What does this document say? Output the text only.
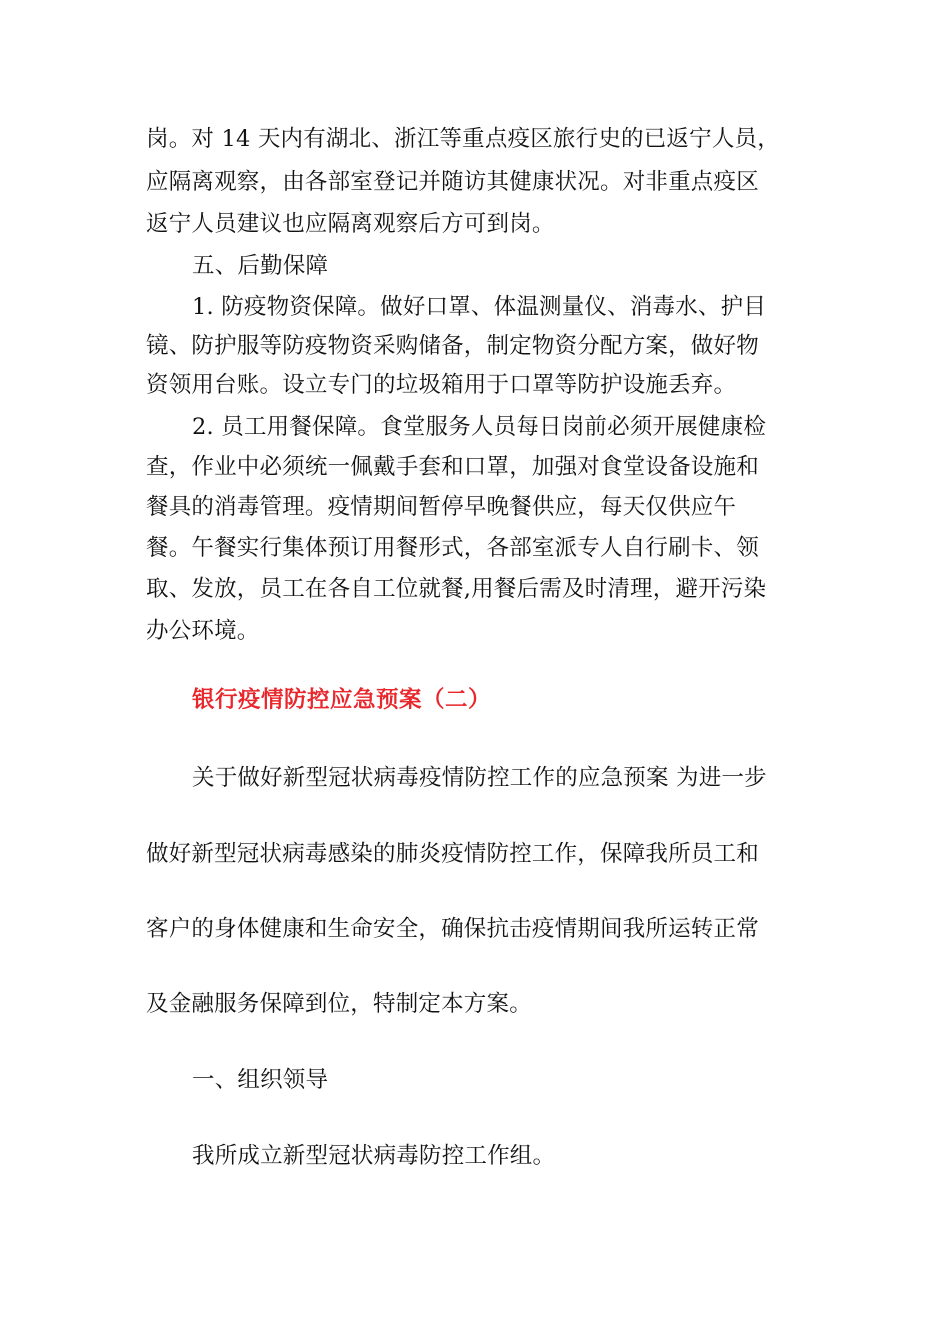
岗。对 14 天内有湖北、浙江等重点疫区旅行史的已返宁人员，
应隔离观察，由各部室登记并随访其健康状况。对非重点疫区
返宁人员建议也应隔离观察后方可到岗。
五、后勤保障
1. 防疫物资保障。做好口罩、体温测量仪、消毒水、护目
镜、防护服等防疫物资采购储备，制定物资分配方案，做好物
资领用台账。设立专门的垃圾箱用于口罩等防护设施丢弃。
2. 员工用餐保障。食堂服务人员每日岗前必须开展健康检
查，作业中必须统一佩戴手套和口罩，加强对食堂设备设施和
餐具的消毒管理。疫情期间暂停早晚餐供应，每天仅供应午
餐。午餐实行集体预订用餐形式，各部室派专人自行刷卡、领
取、发放，员工在各自工位就餐,用餐后需及时清理，避开污染
办公环境。
银行疫情防控应急预案（二）
关于做好新型冠状病毒疫情防控工作的应急预案 为进一步
做好新型冠状病毒感染的肺炎疫情防控工作，保障我所员工和
客户的身体健康和生命安全，确保抗击疫情期间我所运转正常
及金融服务保障到位，特制定本方案。
一、组织领导
我所成立新型冠状病毒防控工作组。
